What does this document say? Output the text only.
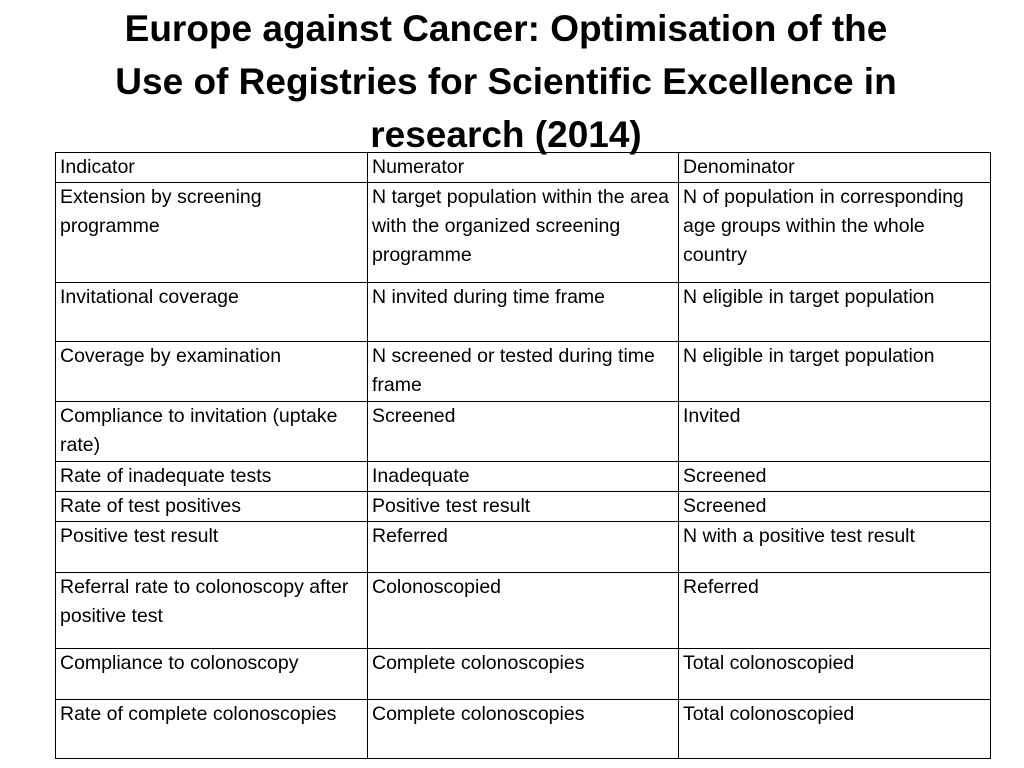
Europe against Cancer: Optimisation of the
Use of Registries for Scientific Excellence in
research (2014)
Indicator	Numerator	Denominator
Extension by screening programme	N target population within the area with the organized screening programme	N of population in corresponding age groups within the whole country
Invitational coverage	N invited during time frame	N eligible in target population
Coverage by examination	N screened or tested during time frame	N eligible in target population
Compliance to invitation (uptake rate)	Screened	Invited
Rate of inadequate tests	Inadequate	Screened
Rate of test positives	Positive test result	Screened
Positive test result	Referred	N with a positive test result
Referral rate to colonoscopy after positive test	Colonoscopied	Referred
Compliance to colonoscopy	Complete colonoscopies	Total colonoscopied
Rate of complete colonoscopies	Complete colonoscopies	Total colonoscopied
